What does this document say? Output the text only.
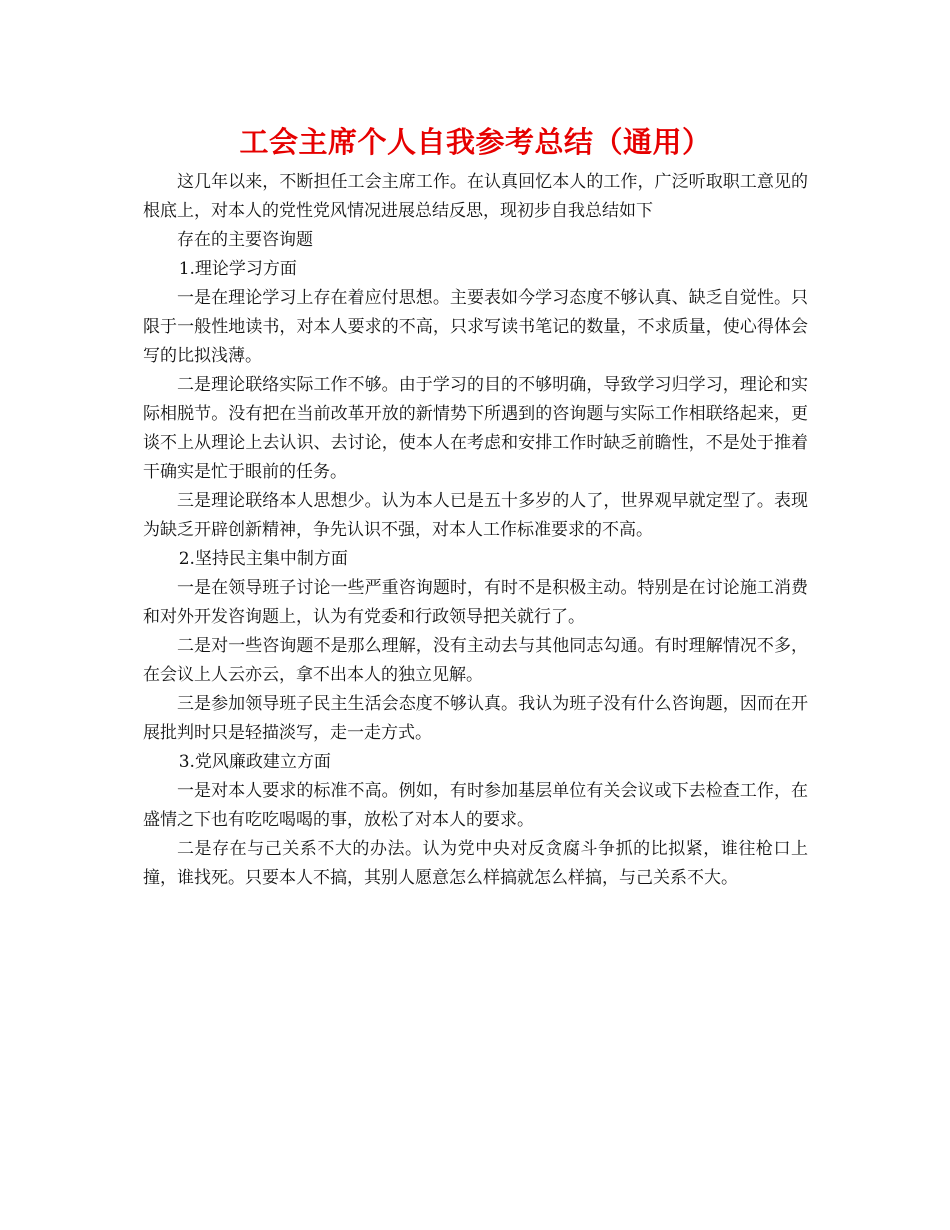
工会主席个人自我参考总结（通用）

这几年以来，不断担任工会主席工作。在认真回忆本人的工作，广泛听取职工意见的根底上，对本人的党性党风情况进展总结反思，现初步自我总结如下

存在的主要咨询题

1.理论学习方面

一是在理论学习上存在着应付思想。主要表如今学习态度不够认真、缺乏自觉性。只限于一般性地读书，对本人要求的不高，只求写读书笔记的数量，不求质量，使心得体会写的比拟浅薄。

二是理论联络实际工作不够。由于学习的目的不够明确，导致学习归学习，理论和实际相脱节。没有把在当前改革开放的新情势下所遇到的咨询题与实际工作相联络起来，更谈不上从理论上去认识、去讨论，使本人在考虑和安排工作时缺乏前瞻性，不是处于推着干确实是忙于眼前的任务。

三是理论联络本人思想少。认为本人已是五十多岁的人了，世界观早就定型了。表现为缺乏开辟创新精神，争先认识不强，对本人工作标准要求的不高。

2.坚持民主集中制方面

一是在领导班子讨论一些严重咨询题时，有时不是积极主动。特别是在讨论施工消费和对外开发咨询题上，认为有党委和行政领导把关就行了。

二是对一些咨询题不是那么理解，没有主动去与其他同志勾通。有时理解情况不多，在会议上人云亦云，拿不出本人的独立见解。

三是参加领导班子民主生活会态度不够认真。我认为班子没有什么咨询题，因而在开展批判时只是轻描淡写，走一走方式。

3.党风廉政建立方面

一是对本人要求的标准不高。例如，有时参加基层单位有关会议或下去检查工作，在盛情之下也有吃吃喝喝的事，放松了对本人的要求。

二是存在与己关系不大的办法。认为党中央对反贪腐斗争抓的比拟紧，谁往枪口上撞，谁找死。只要本人不搞，其别人愿意怎么样搞就怎么样搞，与己关系不大。
